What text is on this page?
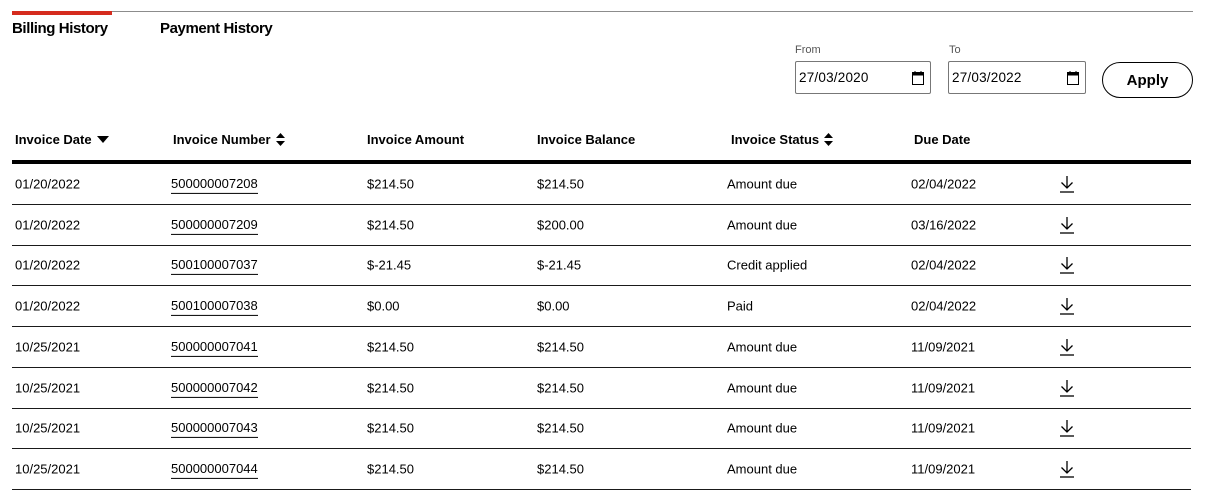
Billing History	Payment History
From	To
27/03/2020	27/03/2022	Apply
Invoice Date	Invoice Number	Invoice Amount	Invoice Balance	Invoice Status	Due Date
01/20/2022	500000007208	$214.50	$214.50	Amount due	02/04/2022
01/20/2022	500000007209	$214.50	$200.00	Amount due	03/16/2022
01/20/2022	500100007037	$-21.45	$-21.45	Credit applied	02/04/2022
01/20/2022	500100007038	$0.00	$0.00	Paid	02/04/2022
10/25/2021	500000007041	$214.50	$214.50	Amount due	11/09/2021
10/25/2021	500000007042	$214.50	$214.50	Amount due	11/09/2021
10/25/2021	500000007043	$214.50	$214.50	Amount due	11/09/2021
10/25/2021	500000007044	$214.50	$214.50	Amount due	11/09/2021
